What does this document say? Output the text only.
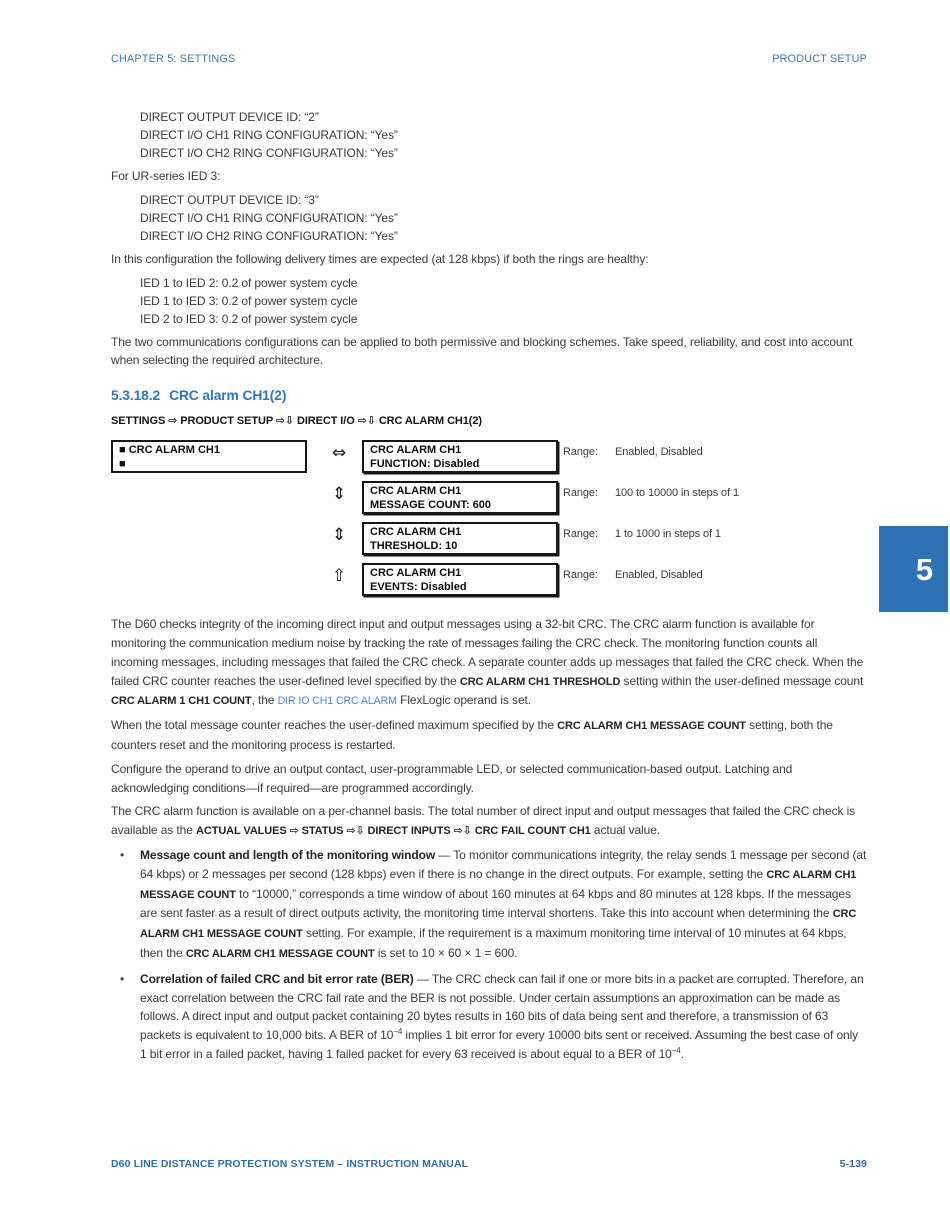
CHAPTER 5: SETTINGS	PRODUCT SETUP
DIRECT OUTPUT DEVICE ID: “2”
DIRECT I/O CH1 RING CONFIGURATION: “Yes”
DIRECT I/O CH2 RING CONFIGURATION: “Yes”
For UR-series IED 3:
DIRECT OUTPUT DEVICE ID: “3”
DIRECT I/O CH1 RING CONFIGURATION: “Yes”
DIRECT I/O CH2 RING CONFIGURATION: “Yes”
In this configuration the following delivery times are expected (at 128 kbps) if both the rings are healthy:
IED 1 to IED 2: 0.2 of power system cycle
IED 1 to IED 3: 0.2 of power system cycle
IED 2 to IED 3: 0.2 of power system cycle
The two communications configurations can be applied to both permissive and blocking schemes. Take speed, reliability, and cost into account when selecting the required architecture.
5.3.18.2 CRC alarm CH1(2)
SETTINGS ⇨ PRODUCT SETUP ⇨⇩ DIRECT I/O ⇨⇩ CRC ALARM CH1(2)
■ CRC ALARM CH1
■
⇔	CRC ALARM CH1
FUNCTION: Disabled
Range: Enabled, Disabled
⇕	CRC ALARM CH1
MESSAGE COUNT: 600
Range: 100 to 10000 in steps of 1
⇕	CRC ALARM CH1
THRESHOLD: 10
Range: 1 to 1000 in steps of 1
⇧	CRC ALARM CH1
EVENTS: Disabled
Range: Enabled, Disabled
The D60 checks integrity of the incoming direct input and output messages using a 32-bit CRC. The CRC alarm function is available for monitoring the communication medium noise by tracking the rate of messages failing the CRC check. The monitoring function counts all incoming messages, including messages that failed the CRC check. A separate counter adds up messages that failed the CRC check. When the failed CRC counter reaches the user-defined level specified by the CRC ALARM CH1 THRESHOLD setting within the user-defined message count CRC ALARM 1 CH1 COUNT, the DIR IO CH1 CRC ALARM FlexLogic operand is set.
When the total message counter reaches the user-defined maximum specified by the CRC ALARM CH1 MESSAGE COUNT setting, both the counters reset and the monitoring process is restarted.
Configure the operand to drive an output contact, user-programmable LED, or selected communication-based output. Latching and acknowledging conditions—if required—are programmed accordingly.
The CRC alarm function is available on a per-channel basis. The total number of direct input and output messages that failed the CRC check is available as the ACTUAL VALUES ⇨ STATUS ⇨⇩ DIRECT INPUTS ⇨⇩ CRC FAIL COUNT CH1 actual value.
• Message count and length of the monitoring window — To monitor communications integrity, the relay sends 1 message per second (at 64 kbps) or 2 messages per second (128 kbps) even if there is no change in the direct outputs. For example, setting the CRC ALARM CH1 MESSAGE COUNT to “10000,” corresponds a time window of about 160 minutes at 64 kbps and 80 minutes at 128 kbps. If the messages are sent faster as a result of direct outputs activity, the monitoring time interval shortens. Take this into account when determining the CRC ALARM CH1 MESSAGE COUNT setting. For example, if the requirement is a maximum monitoring time interval of 10 minutes at 64 kbps, then the CRC ALARM CH1 MESSAGE COUNT is set to 10 × 60 × 1 = 600.
• Correlation of failed CRC and bit error rate (BER) — The CRC check can fail if one or more bits in a packet are corrupted. Therefore, an exact correlation between the CRC fail rate and the BER is not possible. Under certain assumptions an approximation can be made as follows. A direct input and output packet containing 20 bytes results in 160 bits of data being sent and therefore, a transmission of 63 packets is equivalent to 10,000 bits. A BER of $10^{-4}$ implies 1 bit error for every 10000 bits sent or received. Assuming the best case of only 1 bit error in a failed packet, having 1 failed packet for every 63 received is about equal to a BER of $10^{-4}$.
5
D60 LINE DISTANCE PROTECTION SYSTEM – INSTRUCTION MANUAL	5-139
